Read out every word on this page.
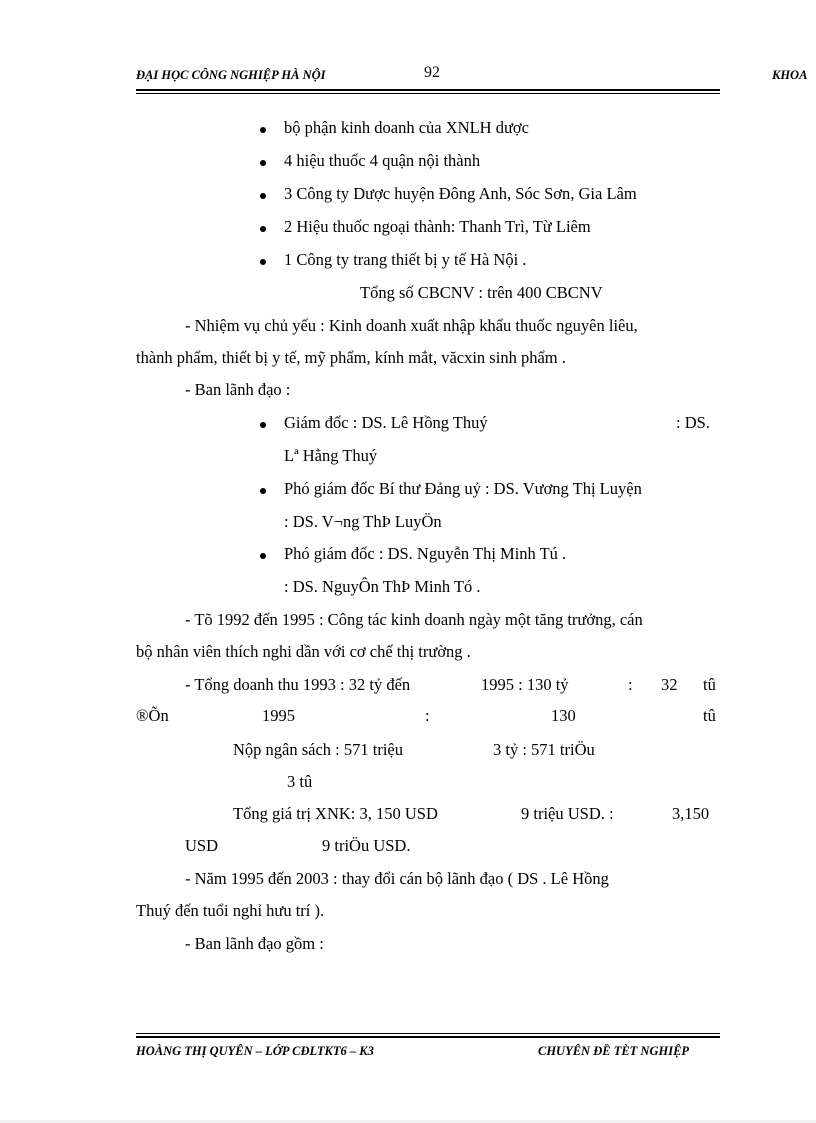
ĐẠI HỌC CÔNG NGHIỆP HÀ NỘI	92	KHOA
bộ phận kinh doanh của XNLH dược
4 hiệu thuốc 4 quận nội thành
3 Công ty Dược huyện Đông Anh, Sóc Sơn, Gia Lâm
2 Hiệu thuốc ngoại thành: Thanh Trì, Từ Liêm
1 Công ty trang thiết bị y tế Hà Nội .
Tổng số CBCNV : trên 400 CBCNV
- Nhiệm vụ chủ yếu : Kinh doanh xuất nhập khẩu thuốc nguyên liêu,
thành phẩm, thiết bị y tế, mỹ phẩm, kính mắt, văcxin sinh phẩm .
- Ban lãnh đạo :
Giám đốc : DS. Lê Hồng Thuý	: DS.
Lª Hằng Thuý
Phó giám đốc Bí thư Đảng uỷ : DS. Vương Thị Luyện
: DS. V¬ng ThÞ LuyÖn
Phó giám đốc : DS. Nguyễn Thị Minh Tú .
: DS. NguyÔn ThÞ Minh Tó .
- Tõ 1992 đến 1995 : Công tác kinh doanh ngày một tăng trưởng, cán
bộ nhân viên thích nghi dần với cơ chế thị trường .
- Tổng doanh thu 1993 : 32 tỷ đến	1995 : 130 tỷ	: 32 tû
®Õn	1995	:	130	tû
Nộp ngân sách : 571 triệu	3 tỷ : 571 triÖu
3 tû
Tổng giá trị XNK: 3, 150 USD	9 triệu USD. :	3,150
USD	9 triÖu USD.
- Năm 1995 đến 2003 : thay đổi cán bộ lãnh đạo ( DS . Lê Hồng
Thuý đến tuổi nghỉ hưu trí ).
- Ban lãnh đạo gồm :
HOÀNG THỊ QUYÊN – LỚP CĐLTKT6 – K3	CHUYÊN ĐỀ TÈT NGHIỆP
